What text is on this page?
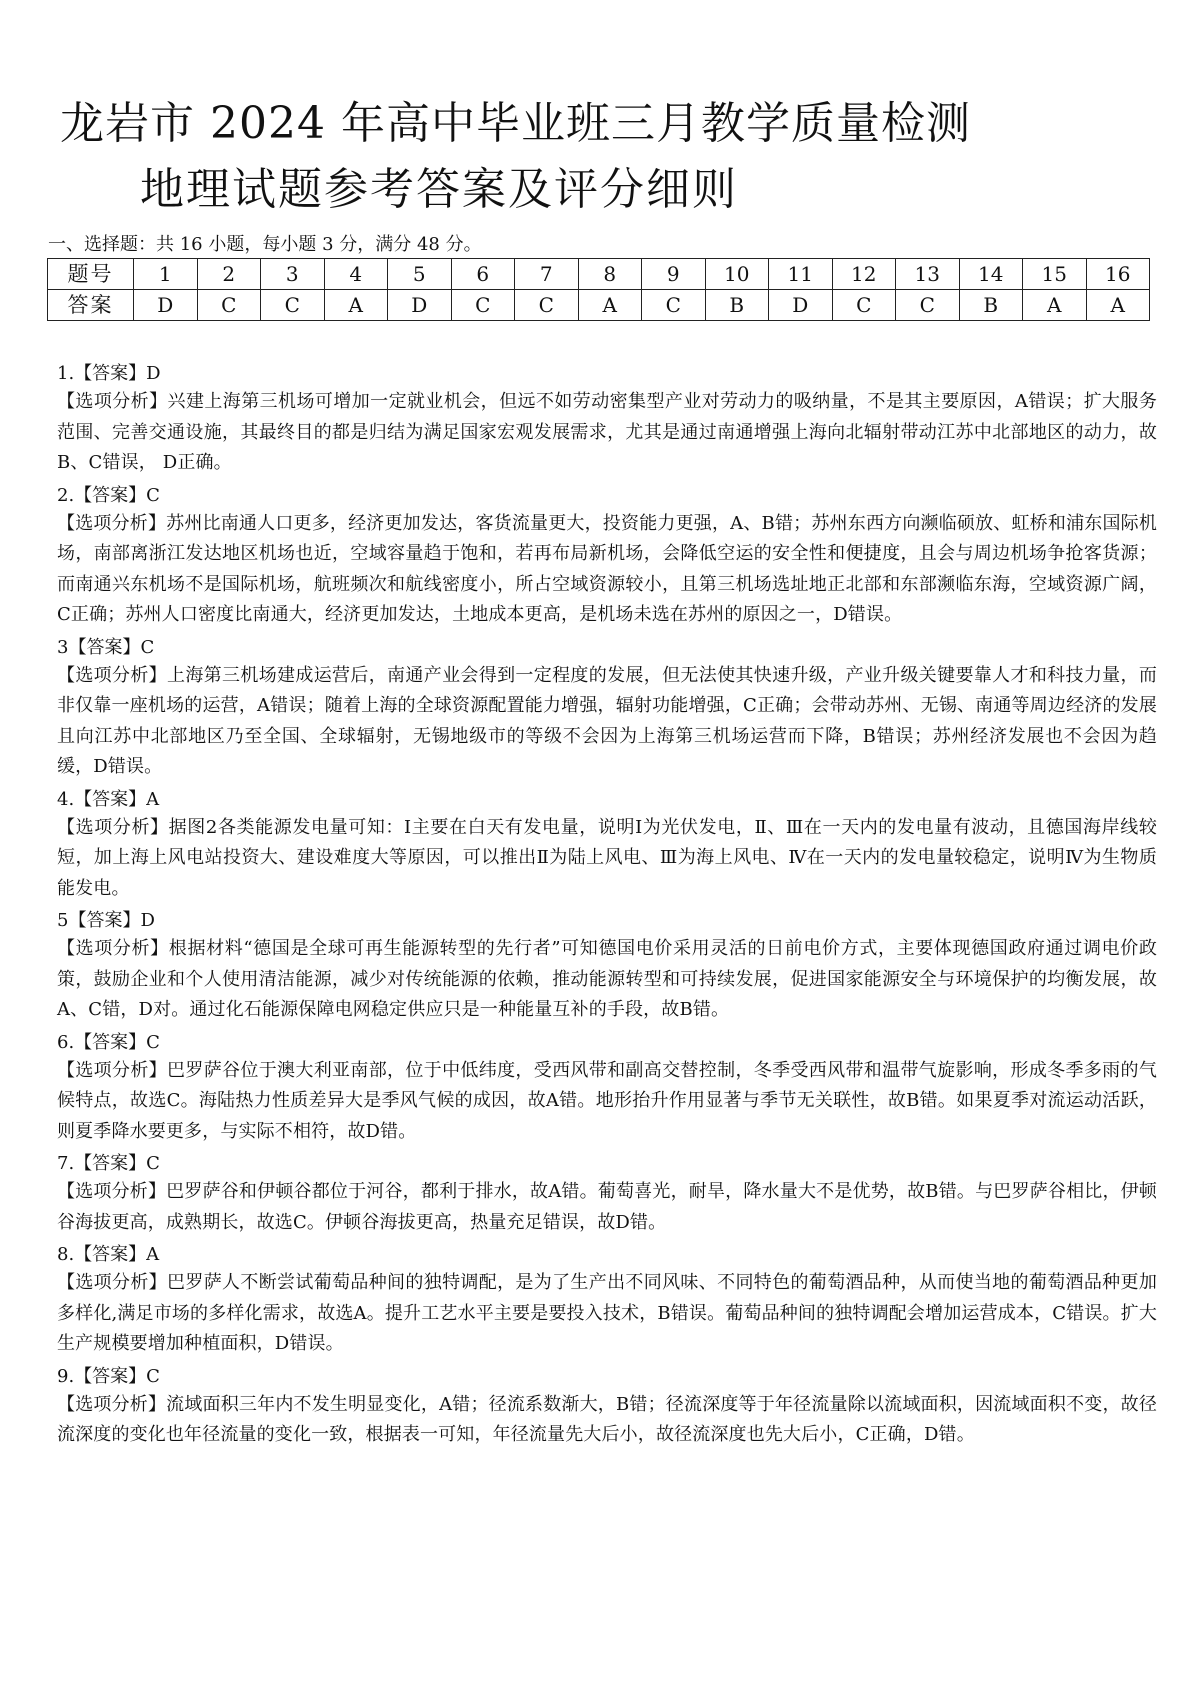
龙岩市 2024 年高中毕业班三月教学质量检测
地理试题参考答案及评分细则
一、选择题：共 16 小题，每小题 3 分，满分 48 分。
题号	1	2	3	4	5	6	7	8	9	10	11	12	13	14	15	16
答案	D	C	C	A	D	C	C	A	C	B	D	C	C	B	A	A
1.【答案】D

【选项分析】兴建上海第三机场可增加一定就业机会，但远不如劳动密集型产业对劳动力的吸纳量，不是其主要原因，A错误；扩大服务范围、完善交通设施，其最终目的都是归结为满足国家宏观发展需求，尤其是通过南通增强上海向北辐射带动江苏中北部地区的动力，故B、C错误， D正确。

2.【答案】C

【选项分析】苏州比南通人口更多，经济更加发达，客货流量更大，投资能力更强，A、B错；苏州东西方向濒临硕放、虹桥和浦东国际机场，南部离浙江发达地区机场也近，空域容量趋于饱和，若再布局新机场，会降低空运的安全性和便捷度，且会与周边机场争抢客货源；而南通兴东机场不是国际机场，航班频次和航线密度小，所占空域资源较小，且第三机场选址地正北部和东部濒临东海，空域资源广阔，C正确；苏州人口密度比南通大，经济更加发达，土地成本更高，是机场未选在苏州的原因之一，D错误。

3【答案】C

【选项分析】上海第三机场建成运营后，南通产业会得到一定程度的发展，但无法使其快速升级，产业升级关键要靠人才和科技力量，而非仅靠一座机场的运营，A错误；随着上海的全球资源配置能力增强，辐射功能增强，C正确；会带动苏州、无锡、南通等周边经济的发展且向江苏中北部地区乃至全国、全球辐射，无锡地级市的等级不会因为上海第三机场运营而下降，B错误；苏州经济发展也不会因为趋缓，D错误。

4.【答案】A

【选项分析】据图2各类能源发电量可知：I主要在白天有发电量，说明I为光伏发电，Ⅱ、Ⅲ在一天内的发电量有波动，且德国海岸线较短，加上海上风电站投资大、建设难度大等原因，可以推出Ⅱ为陆上风电、Ⅲ为海上风电、Ⅳ在一天内的发电量较稳定，说明Ⅳ为生物质能发电。

5【答案】D

【选项分析】根据材料“德国是全球可再生能源转型的先行者”可知德国电价采用灵活的日前电价方式，主要体现德国政府通过调电价政策，鼓励企业和个人使用清洁能源，减少对传统能源的依赖，推动能源转型和可持续发展，促进国家能源安全与环境保护的均衡发展，故A、C错，D对。通过化石能源保障电网稳定供应只是一种能量互补的手段，故B错。

6.【答案】C

【选项分析】巴罗萨谷位于澳大利亚南部，位于中低纬度，受西风带和副高交替控制，冬季受西风带和温带气旋影响，形成冬季多雨的气候特点，故选C。海陆热力性质差异大是季风气候的成因，故A错。地形抬升作用显著与季节无关联性，故B错。如果夏季对流运动活跃，则夏季降水要更多，与实际不相符，故D错。

7.【答案】C

【选项分析】巴罗萨谷和伊顿谷都位于河谷，都利于排水，故A错。葡萄喜光，耐旱，降水量大不是优势，故B错。与巴罗萨谷相比，伊顿谷海拔更高，成熟期长，故选C。伊顿谷海拔更高，热量充足错误，故D错。

8.【答案】A

【选项分析】巴罗萨人不断尝试葡萄品种间的独特调配，是为了生产出不同风味、不同特色的葡萄酒品种，从而使当地的葡萄酒品种更加多样化,满足市场的多样化需求，故选A。提升工艺水平主要是要投入技术，B错误。葡萄品种间的独特调配会增加运营成本，C错误。扩大生产规模要增加种植面积，D错误。

9.【答案】C

【选项分析】流域面积三年内不发生明显变化，A错；径流系数渐大，B错；径流深度等于年径流量除以流域面积，因流域面积不变，故径流深度的变化也年径流量的变化一致，根据表一可知，年径流量先大后小，故径流深度也先大后小，C正确，D错。
